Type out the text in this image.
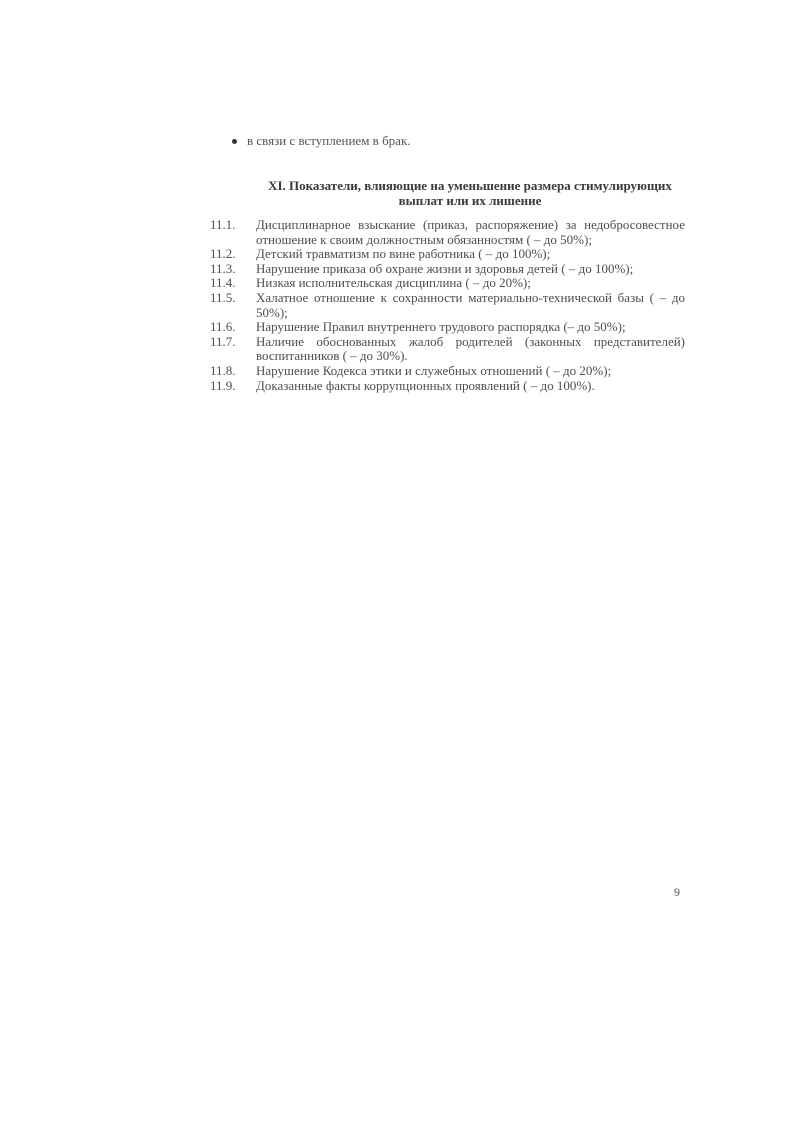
в связи с вступлением в брак.
XI. Показатели, влияющие на уменьшение размера стимулирующих
выплат или их лишение
11.1.	Дисциплинарное взыскание (приказ, распоряжение) за недобросовестное отношение к своим должностным обязанностям ( – до 50%);
11.2.	Детский травматизм по вине работника ( – до 100%);
11.3.	Нарушение приказа об охране жизни и здоровья детей ( – до 100%);
11.4.	Низкая исполнительская дисциплина ( – до 20%);
11.5.	Халатное отношение к сохранности материально-технической базы ( – до 50%);
11.6.	Нарушение Правил внутреннего трудового распорядка (– до 50%);
11.7.	Наличие обоснованных жалоб родителей (законных представителей) воспитанников ( – до 30%).
11.8.	Нарушение Кодекса этики и служебных отношений ( – до 20%);
11.9.	Доказанные факты коррупционных проявлений ( – до 100%).
9
